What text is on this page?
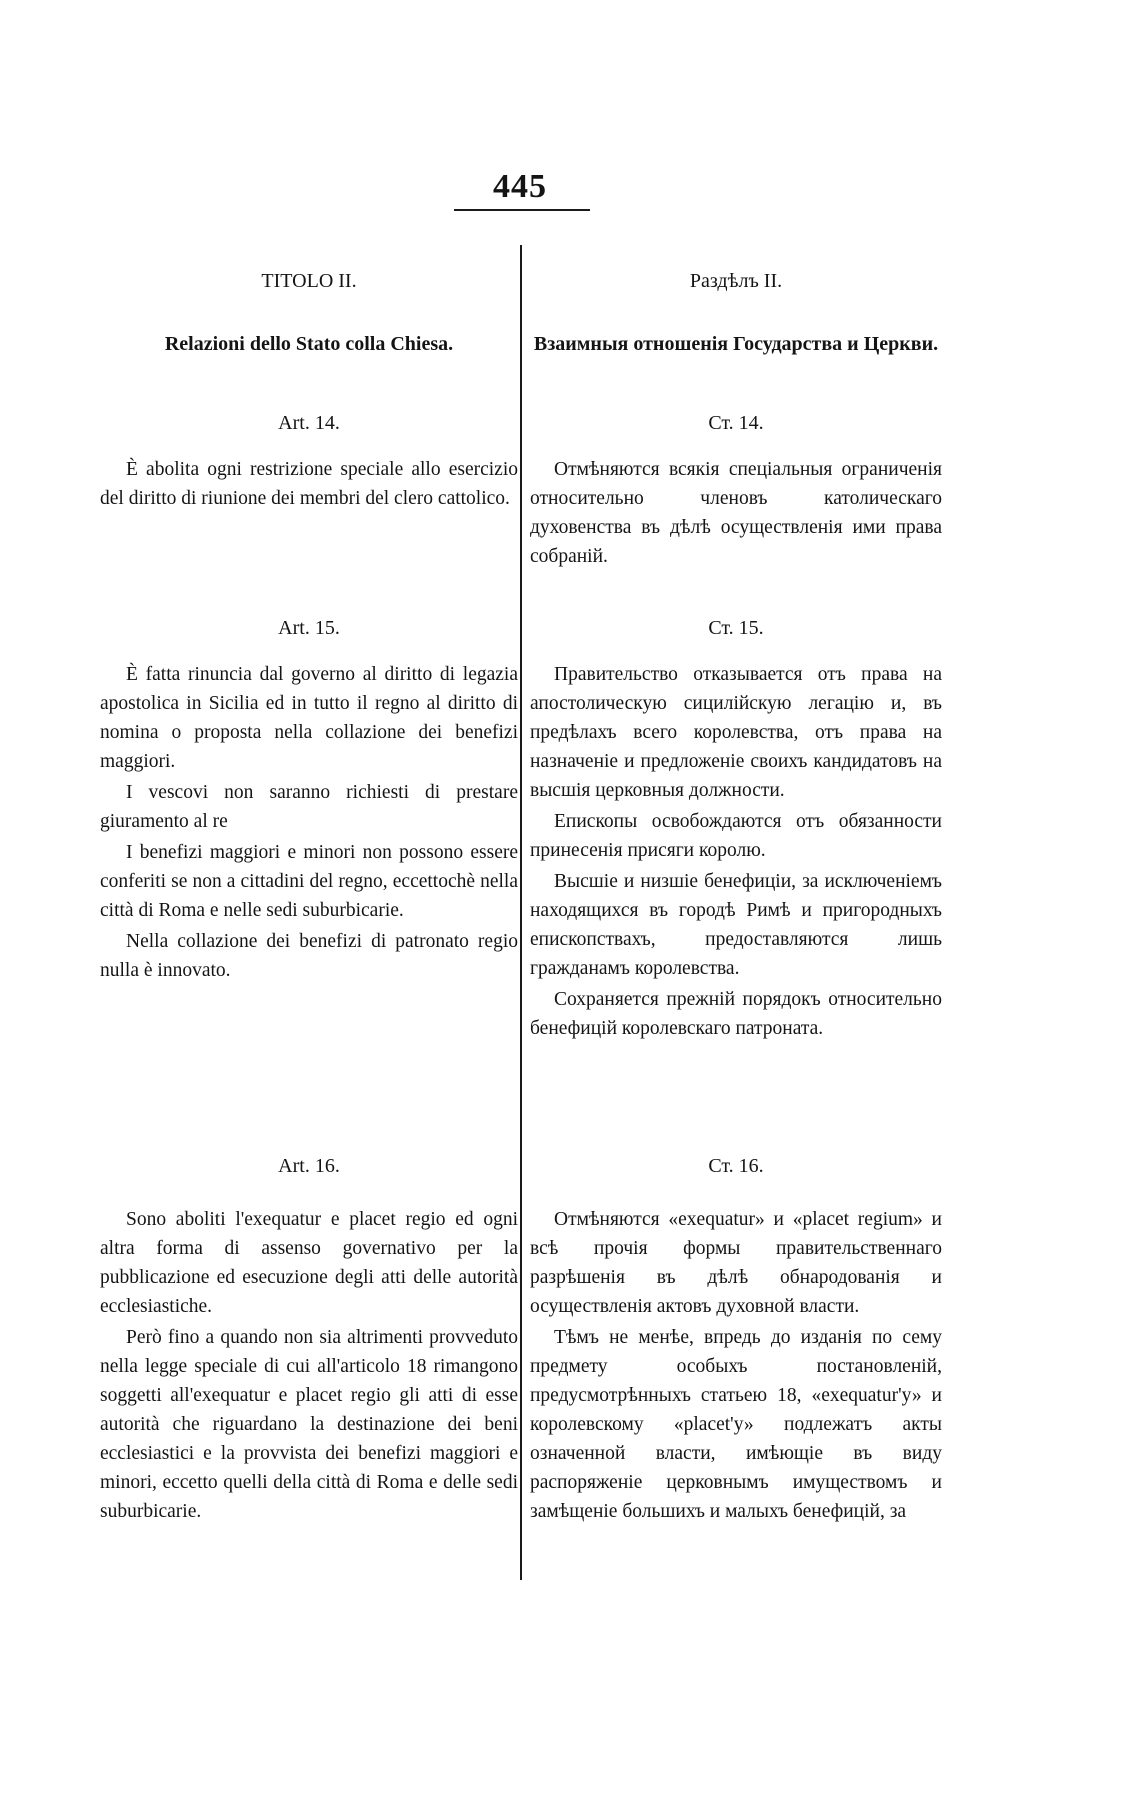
445
TITOLO II.
Relazioni dello Stato colla Chiesa.
Art. 14.

È abolita ogni restrizione speciale allo esercizio del diritto di riunione dei membri del clero cattolico.

Art. 15.

È fatta rinuncia dal governo al diritto di legazia apostolica in Sicilia ed in tutto il regno al diritto di nomina o proposta nella collazione dei benefizi maggiori.

I vescovi non saranno richiesti di prestare giuramento al re

I benefizi maggiori e minori non possono essere conferiti se non a cittadini del regno, eccettochè nella città di Roma e nelle sedi suburbicarie.

Nella collazione dei benefizi di patronato regio nulla è innovato.

Art. 16.

Sono aboliti l'exequatur e placet regio ed ogni altra forma di assenso governativo per la pubblicazione ed esecuzione degli atti delle autorità ecclesiastiche.

Però fino a quando non sia altrimenti provveduto nella legge speciale di cui all'articolo 18 rimangono soggetti all'exequatur e placet regio gli atti di esse autorità che riguardano la destinazione dei beni ecclesiastici e la provvista dei benefizi maggiori e minori, eccetto quelli della città di Roma e delle sedi suburbicarie.

Раздѣлъ II.
Взаимныя отношенія Государства и Церкви.
Ст. 14.

Отмѣняются всякія спеціальныя ограниченія относительно членовъ католическаго духовенства въ дѣлѣ осуществленія ими права собраній.

Ст. 15.

Правительство отказывается отъ права на апостолическую сицилійскую легацію и, въ предѣлахъ всего королевства, отъ права на назначеніе и предложеніе своихъ кандидатовъ на высшія церковныя должности.

Епископы освобождаются отъ обязанности принесенія присяги королю.

Высшіе и низшіе бенефиціи, за исключеніемъ находящихся въ городѣ Римѣ и пригородныхъ епископствахъ, предоставляются лишь гражданамъ королевства.

Сохраняется прежній порядокъ относительно бенефицій королевскаго патроната.

Ст. 16.

Отмѣняются «exequatur» и «placet regium» и всѣ прочія формы правительственнаго разрѣшенія въ дѣлѣ обнародованія и осуществленія актовъ духовной власти.

Тѣмъ не менѣе, впредь до изданія по сему предмету особыхъ постановленій, предусмотрѣнныхъ статьею 18, «exequatur'у» и королевскому «placet'у» подлежатъ акты означенной власти, имѣющіе въ виду распоряженіе церковнымъ имуществомъ и замѣщеніе большихъ и малыхъ бенефицій, за
